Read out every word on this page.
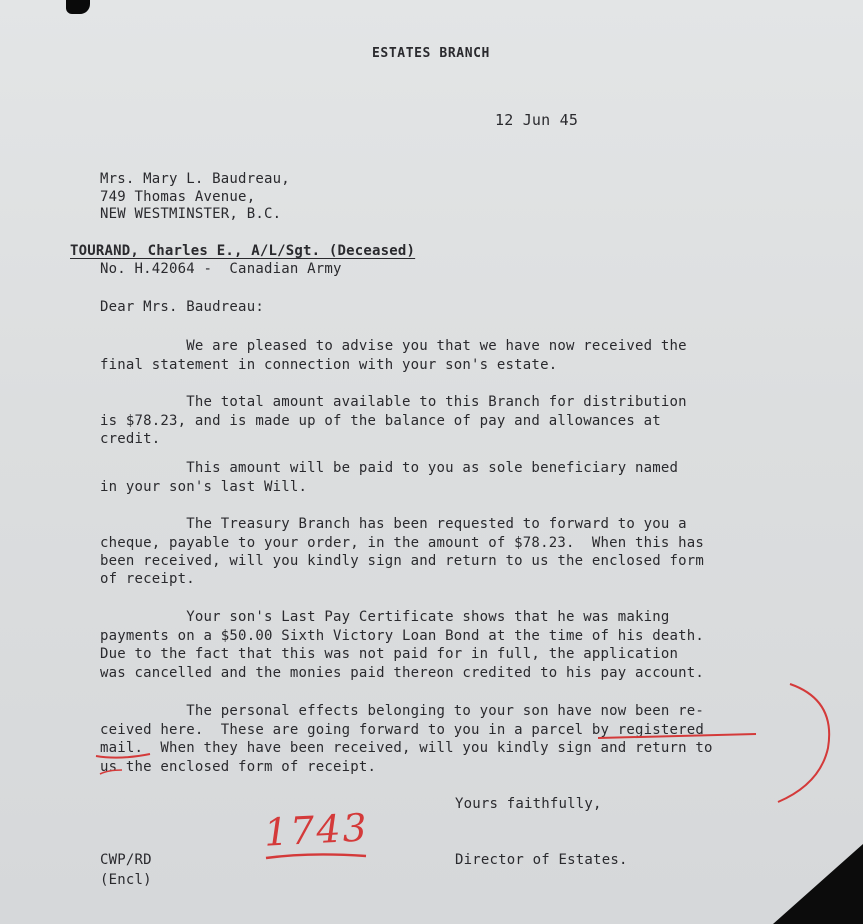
ESTATES BRANCH
12 Jun 45
Mrs. Mary L. Baudreau,
749 Thomas Avenue,
NEW WESTMINSTER, B.C.
TOURAND, Charles E., A/L/Sgt. (Deceased)
No. H.42064 -  Canadian Army
Dear Mrs. Baudreau:
We are pleased to advise you that we have now received the
final statement in connection with your son's estate.
The total amount available to this Branch for distribution
is $78.23, and is made up of the balance of pay and allowances at
credit.
This amount will be paid to you as sole beneficiary named
in your son's last Will.
The Treasury Branch has been requested to forward to you a
cheque, payable to your order, in the amount of $78.23.  When this has
been received, will you kindly sign and return to us the enclosed form
of receipt.
Your son's Last Pay Certificate shows that he was making
payments on a $50.00 Sixth Victory Loan Bond at the time of his death.
Due to the fact that this was not paid for in full, the application
was cancelled and the monies paid thereon credited to his pay account.
The personal effects belonging to your son have now been re-
ceived here.  These are going forward to you in a parcel by registered
mail.  When they have been received, will you kindly sign and return to
us the enclosed form of receipt.
Yours faithfully,
1743
CWP/RD
(Encl)
Director of Estates.
